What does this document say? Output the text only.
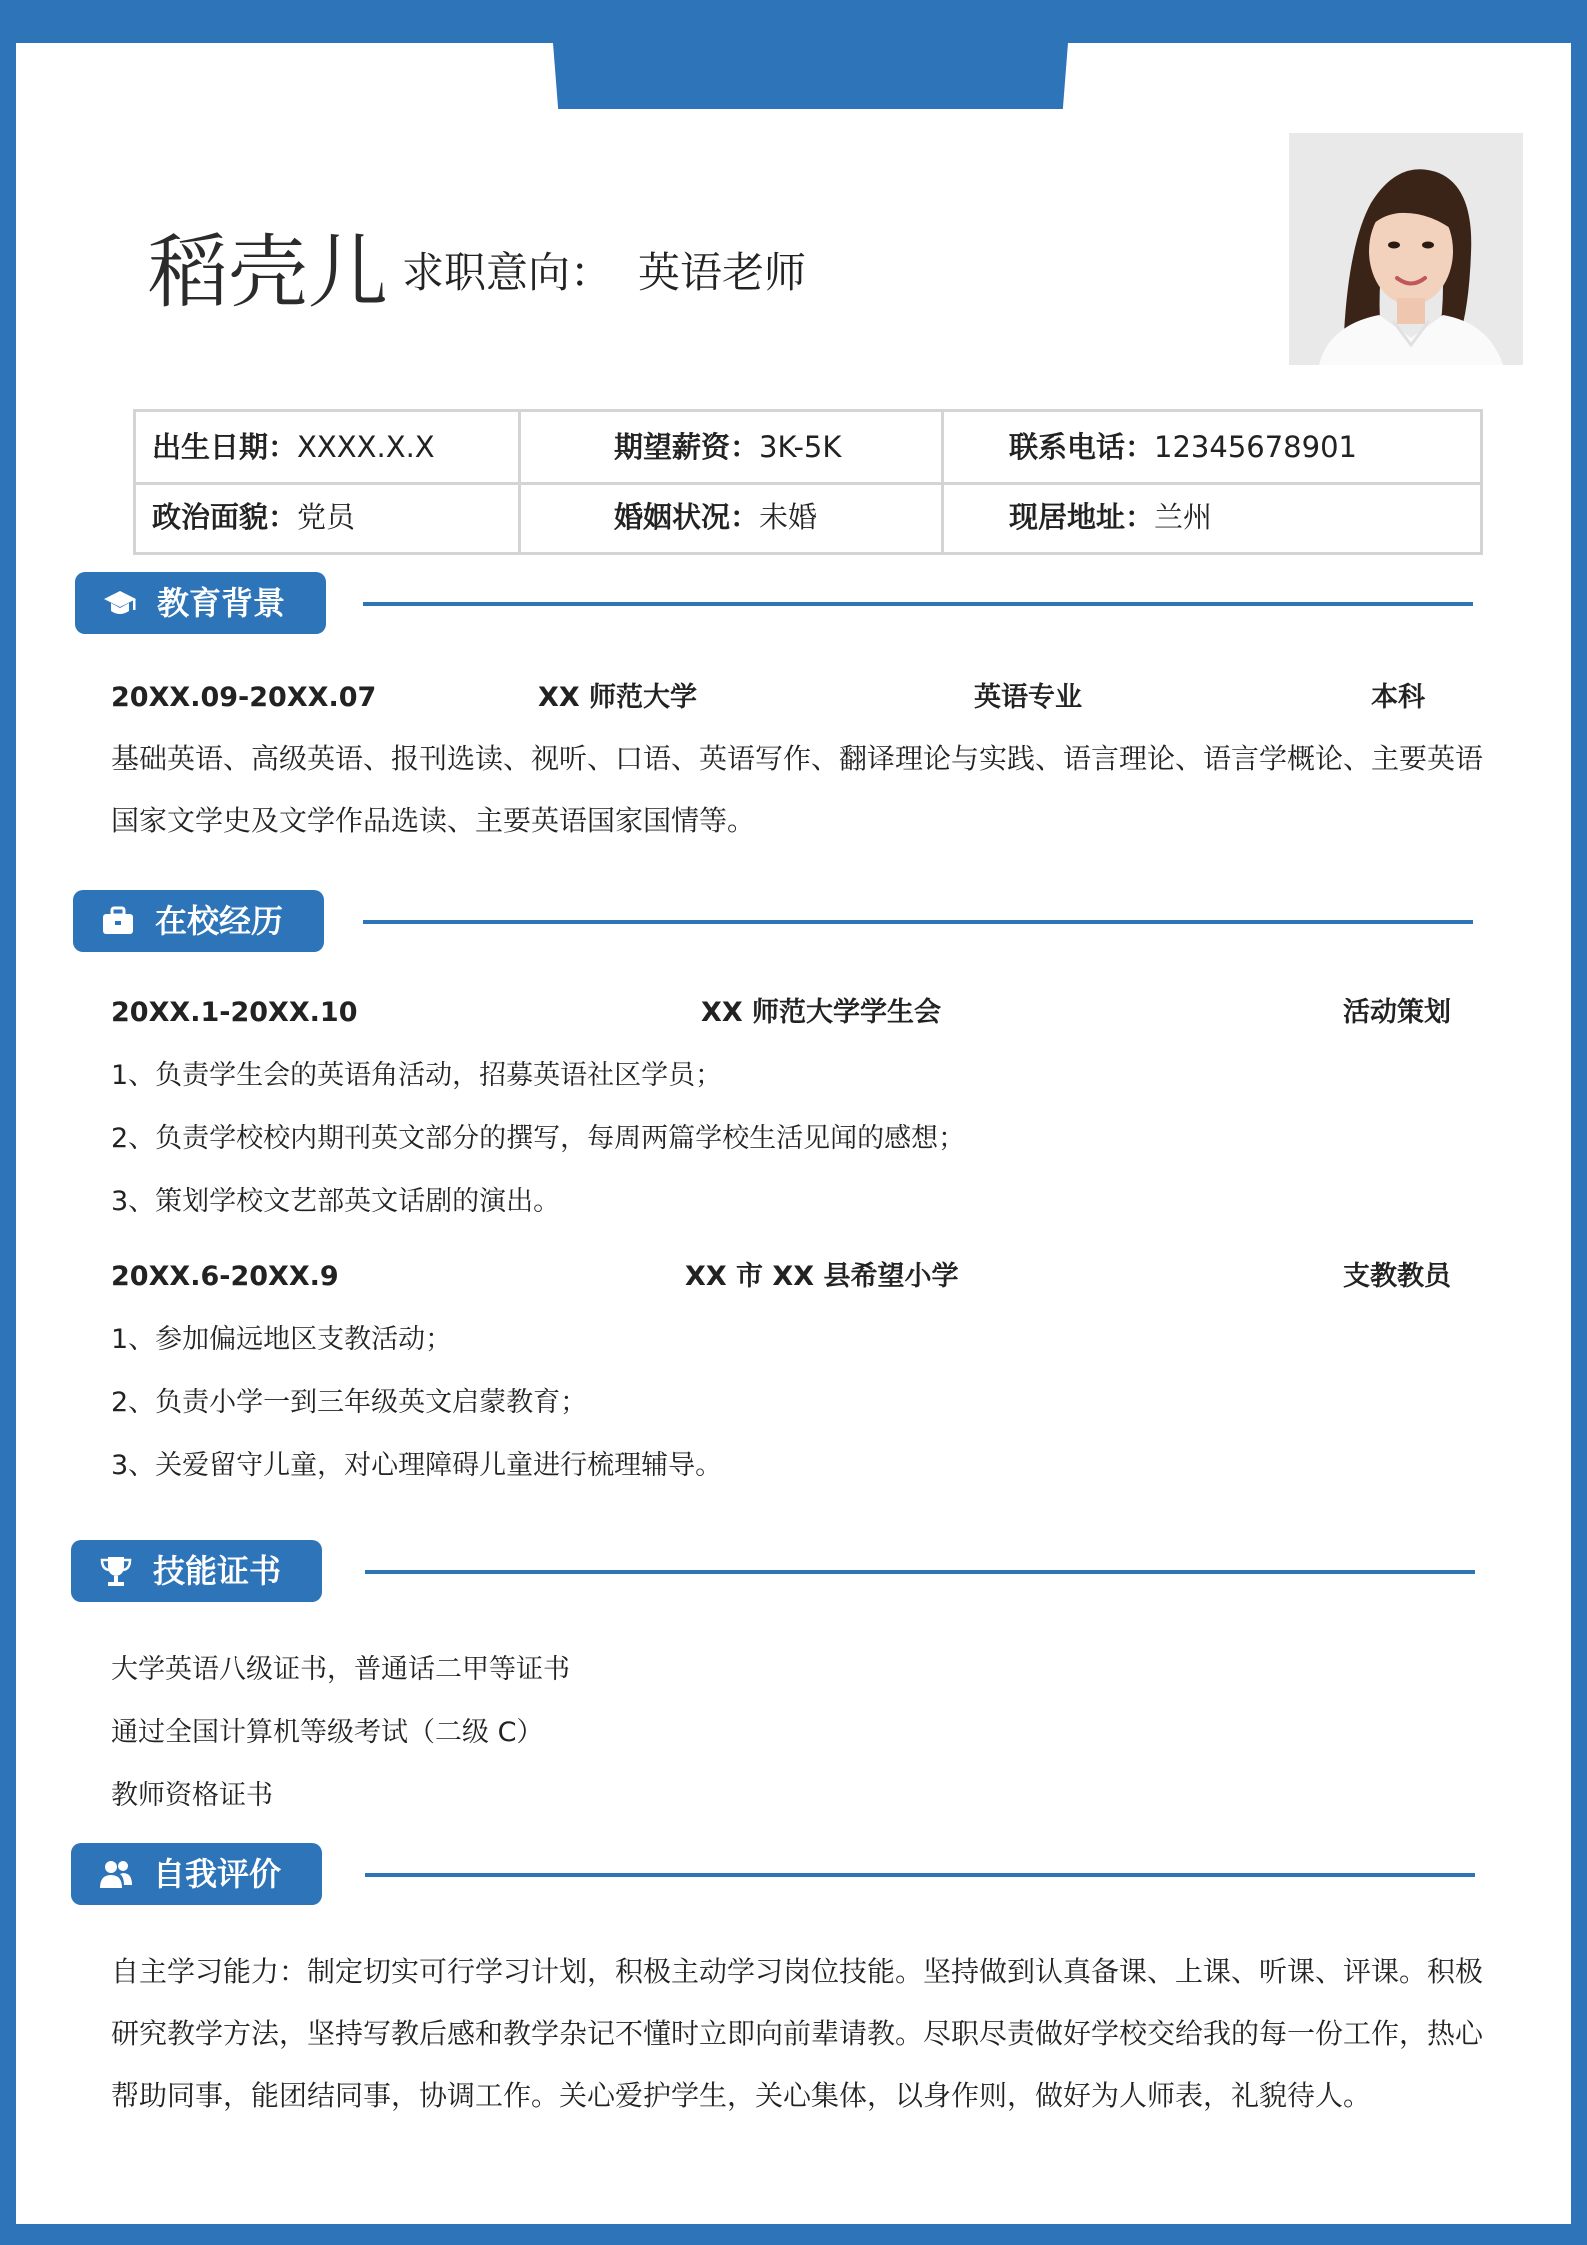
稻壳儿 求职意向： 英语老师
出生日期：XXXX.X.X	期望薪资：3K-5K	联系电话：12345678901
政治面貌：党员	婚姻状况：未婚	现居地址：兰州
教育背景
20XX.09-20XX.07	XX 师范大学	英语专业	本科
基础英语、高级英语、报刊选读、视听、口语、英语写作、翻译理论与实践、语言理论、语言学概论、主要英语国家文学史及文学作品选读、主要英语国家国情等。
在校经历
20XX.1-20XX.10	XX 师范大学学生会	活动策划
1、负责学生会的英语角活动，招募英语社区学员；
2、负责学校校内期刊英文部分的撰写，每周两篇学校生活见闻的感想；
3、策划学校文艺部英文话剧的演出。
20XX.6-20XX.9	XX 市 XX 县希望小学	支教教员
1、参加偏远地区支教活动；
2、负责小学一到三年级英文启蒙教育；
3、关爱留守儿童，对心理障碍儿童进行梳理辅导。
技能证书
大学英语八级证书，普通话二甲等证书
通过全国计算机等级考试（二级 C）
教师资格证书
自我评价
自主学习能力：制定切实可行学习计划，积极主动学习岗位技能。坚持做到认真备课、上课、听课、评课。积极研究教学方法，坚持写教后感和教学杂记不懂时立即向前辈请教。尽职尽责做好学校交给我的每一份工作，热心帮助同事，能团结同事，协调工作。关心爱护学生，关心集体，以身作则，做好为人师表，礼貌待人。
